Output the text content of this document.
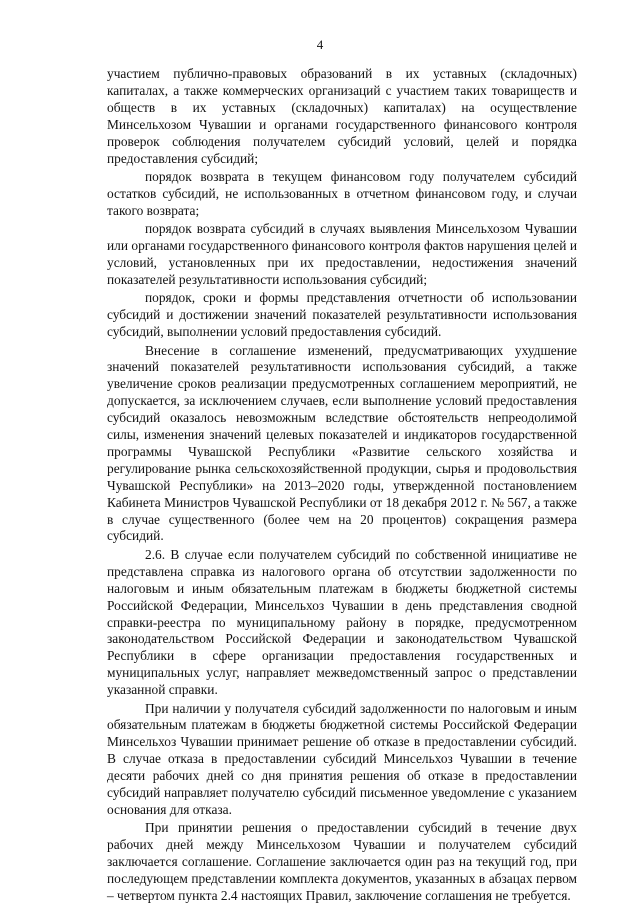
4

участием публично-правовых образований в их уставных (складочных) капиталах, а также коммерческих организаций с участием таких товариществ и обществ в их уставных (складочных) капиталах) на осуществление Минсельхозом Чувашии и органами государственного финансового контроля проверок соблюдения получателем субсидий условий, целей и порядка предоставления субсидий;

порядок возврата в текущем финансовом году получателем субсидий остатков субсидий, не использованных в отчетном финансовом году, и случаи такого возврата;

порядок возврата субсидий в случаях выявления Минсельхозом Чувашии или органами государственного финансового контроля фактов нарушения целей и условий, установленных при их предоставлении, недостижения значений показателей результативности использования субсидий;

порядок, сроки и формы представления отчетности об использовании субсидий и достижении значений показателей результативности использования субсидий, выполнении условий предоставления субсидий.

Внесение в соглашение изменений, предусматривающих ухудшение значений показателей результативности использования субсидий, а также увеличение сроков реализации предусмотренных соглашением мероприятий, не допускается, за исключением случаев, если выполнение условий предоставления субсидий оказалось невозможным вследствие обстоятельств непреодолимой силы, изменения значений целевых показателей и индикаторов государственной программы Чувашской Республики «Развитие сельского хозяйства и регулирование рынка сельскохозяйственной продукции, сырья и продовольствия Чувашской Республики» на 2013–2020 годы, утвержденной постановлением Кабинета Министров Чувашской Республики от 18 декабря 2012 г. № 567, а также в случае существенного (более чем на 20 процентов) сокращения размера субсидий.

2.6. В случае если получателем субсидий по собственной инициативе не представлена справка из налогового органа об отсутствии задолженности по налоговым и иным обязательным платежам в бюджеты бюджетной системы Российской Федерации, Минсельхоз Чувашии в день представления сводной справки-реестра по муниципальному району в порядке, предусмотренном законодательством Российской Федерации и законодательством Чувашской Республики в сфере организации предоставления государственных и муниципальных услуг, направляет межведомственный запрос о представлении указанной справки.

При наличии у получателя субсидий задолженности по налоговым и иным обязательным платежам в бюджеты бюджетной системы Российской Федерации Минсельхоз Чувашии принимает решение об отказе в предоставлении субсидий. В случае отказа в предоставлении субсидий Минсельхоз Чувашии в течение десяти рабочих дней со дня принятия решения об отказе в предоставлении субсидий направляет получателю субсидий письменное уведомление с указанием основания для отказа.

При принятии решения о предоставлении субсидий в течение двух рабочих дней между Минсельхозом Чувашии и получателем субсидий заключается соглашение. Соглашение заключается один раз на текущий год, при последующем представлении комплекта документов, указанных в абзацах первом – четвертом пункта 2.4 настоящих Правил, заключение соглашения не требуется.
